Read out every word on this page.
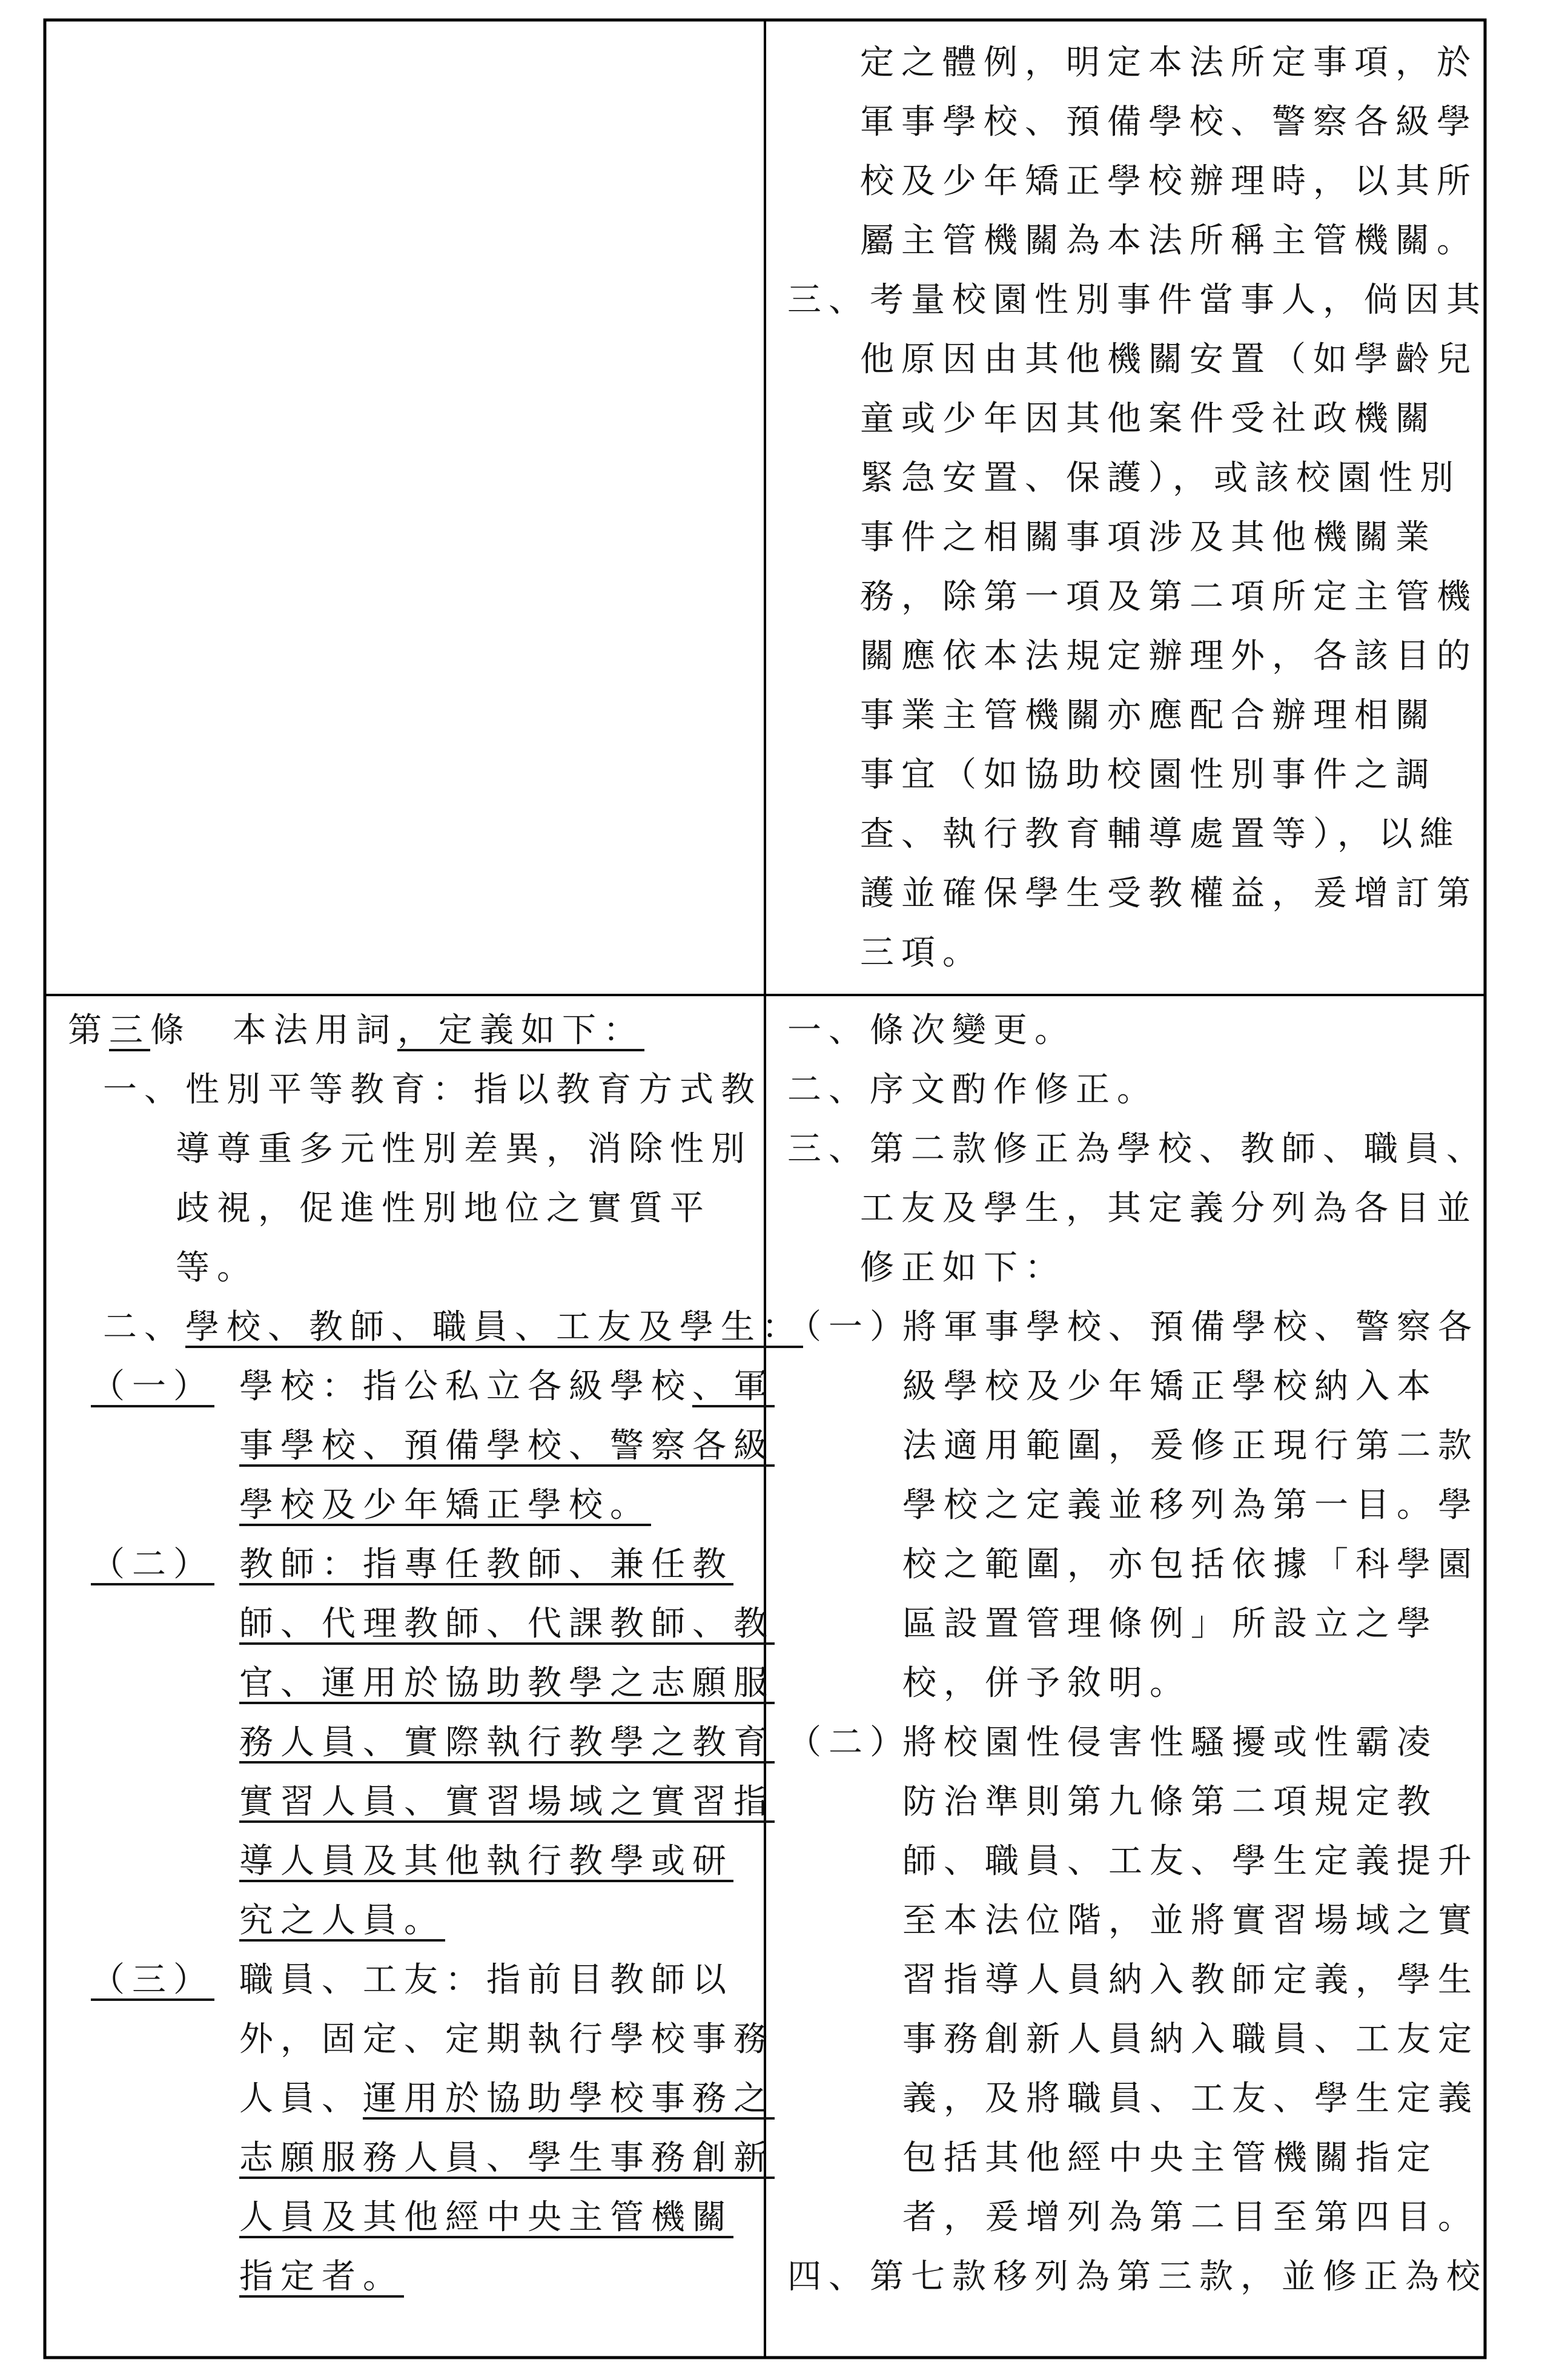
定之體例，明定本法所定事項，於
軍事學校、預備學校、警察各級學
校及少年矯正學校辦理時，以其所
屬主管機關為本法所稱主管機關。
三、考量校園性別事件當事人，倘因其
他原因由其他機關安置（如學齡兒
童或少年因其他案件受社政機關
緊急安置、保護），或該校園性別
事件之相關事項涉及其他機關業
務，除第一項及第二項所定主管機
關應依本法規定辦理外，各該目的
事業主管機關亦應配合辦理相關
事宜（如協助校園性別事件之調
查、執行教育輔導處置等），以維
護並確保學生受教權益，爰增訂第
三項。
第三條　 本法用詞，定義如下：
一、性別平等教育：指以教育方式教
導尊重多元性別差異，消除性別
歧視，促進性別地位之實質平
等。
二、學校、教師、職員、工友及學生：
（一） 學校：指公私立各級學校、軍
事學校、預備學校、警察各級
學校及少年矯正學校。
（二） 教師：指專任教師、兼任教
師、代理教師、代課教師、教
官、運用於協助教學之志願服
務人員、實際執行教學之教育
實習人員、實習場域之實習指
導人員及其他執行教學或研
究之人員。
（三） 職員、工友：指前目教師以
外，固定、定期執行學校事務
人員、運用於協助學校事務之
志願服務人員、學生事務創新
人員及其他經中央主管機關
指定者。
一、條次變更。
二、序文酌作修正。
三、第二款修正為學校、教師、職員、
工友及學生，其定義分列為各目並
修正如下：
（一）
將軍事學校、預備學校、警察各
級學校及少年矯正學校納入本
法適用範圍，爰修正現行第二款
學校之定義並移列為第一目。學
校之範圍，亦包括依據「科學園
區設置管理條例」所設立之學
校，併予敘明。
（二）
將校園性侵害性騷擾或性霸凌
防治準則第九條第二項規定教
師、職員、工友、學生定義提升
至本法位階，並將實習場域之實
習指導人員納入教師定義，學生
事務創新人員納入職員、工友定
義，及將職員、工友、學生定義
包括其他經中央主管機關指定
者，爰增列為第二目至第四目。
四、第七款移列為第三款，並修正為校
